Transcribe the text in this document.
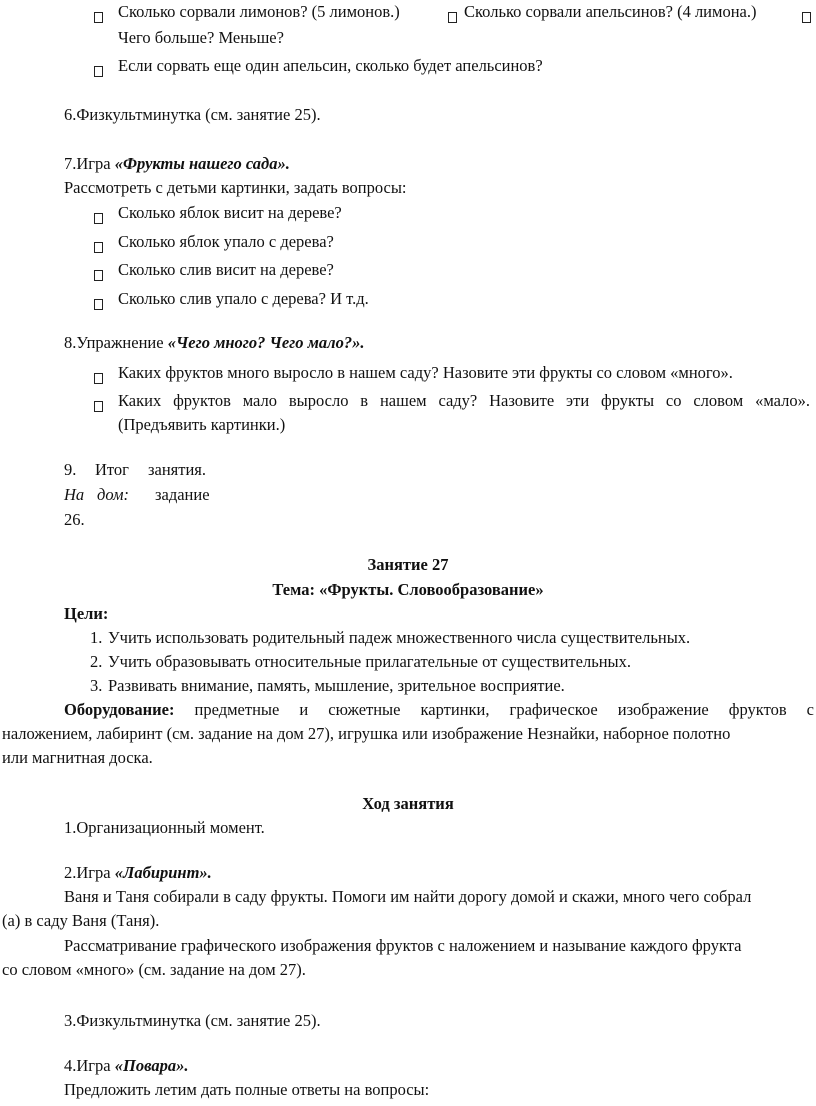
Сколько сорвали лимонов? (5 лимонов.)	Сколько сорвали апельсинов? (4 лимона.)
Чего больше? Меньше?
Если сорвать еще один апельсин, сколько будет апельсинов?
6.Физкультминутка (см. занятие 25).
7.Игра «Фрукты нашего сада».
Рассмотреть с детьми картинки, задать вопросы:
Сколько яблок висит на дереве?
Сколько яблок упало с дерева?
Сколько слив висит на дереве?
Сколько слив упало с дерева? И т.д.
8.Упражнение «Чего много? Чего мало?».
Каких фруктов много выросло в нашем саду? Назовите эти фрукты со словом «много».
Каких фруктов мало выросло в нашем саду? Назовите эти фрукты со словом «мало».
(Предъявить картинки.)
9. Итог занятия.
На дом: задание
26.
Занятие 27
Тема: «Фрукты. Словообразование»
Цели:
1. Учить использовать родительный падеж множественного числа существительных.
2. Учить образовывать относительные прилагательные от существительных.
3. Развивать внимание, память, мышление, зрительное восприятие.
Оборудование: предметные и сюжетные картинки, графическое изображение фруктов с
наложением, лабиринт (см. задание на дом 27), игрушка или изображение Незнайки, наборное полотно
или магнитная доска.
Ход занятия
1.Организационный момент.
2.Игра «Лабиринт».
Ваня и Таня собирали в саду фрукты. Помоги им найти дорогу домой и скажи, много чего собрал
(а) в саду Ваня (Таня).
Рассматривание графического изображения фруктов с наложением и называние каждого фрукта
со словом «много» (см. задание на дом 27).
3.Физкультминутка (см. занятие 25).
4.Игра «Повара».
Предложить летим дать полные ответы на вопросы:
